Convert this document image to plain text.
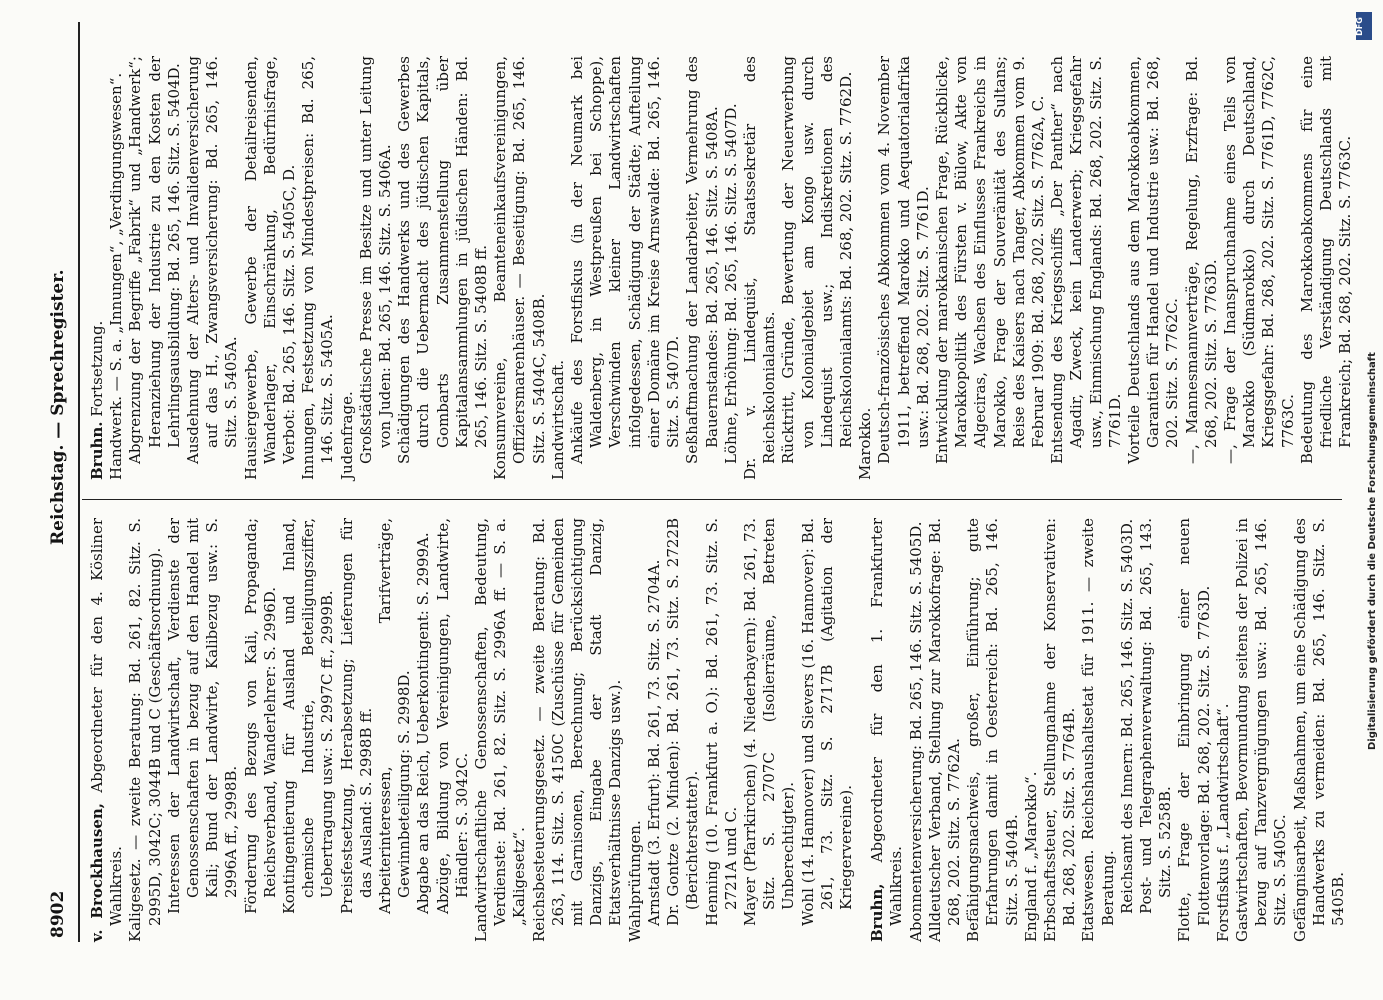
8902
Reichstag. — Sprechregister.

v. Brockhausen, Abgeordneter für den 4. Kösliner Wahlkreis. Kaligesetz. — zweite Beratung: Bd. 261, 82. Sitz. S. 2995D, 3042C; 3044B und C (Geschäftsordnung). Interessen der Landwirtschaft, Verdienste der Genossenschaften in bezug auf den Handel mit Kali; Bund der Landwirte, Kalibezug usw.: S. 2996A ff., 2998B. Förderung des Bezugs von Kali, Propaganda; Reichsverband, Wanderlehrer: S. 2996D. Kontingentierung für Ausland und Inland, chemische Industrie, Beteiligungsziffer, Uebertragung usw.: S. 2997C ff., 2999B. Preisfestsetzung, Herabsetzung; Lieferungen für das Ausland: S. 2998B ff. Arbeiterinteressen, Tarifverträge, Gewinnbeteiligung: S. 2998D. Abgabe an das Reich, Ueberkontingent: S. 2999A. Abzüge, Bildung von Vereinigungen, Landwirte, Händler: S. 3042C. Landwirtschaftliche Genossenschaften, Bedeutung, Verdienste: Bd. 261, 82. Sitz. S. 2996A ff. — S. a. „Kaligesetz“. Reichsbesteuerungsgesetz. — zweite Beratung: Bd. 263, 114. Sitz. S. 4150C (Zuschüsse für Gemeinden mit Garnisonen, Berechnung; Berücksichtigung Danzigs, Eingabe der Stadt Danzig, Etatsverhältnisse Danzigs usw.). Wahlprüfungen. Arnstadt (3. Erfurt): Bd. 261, 73. Sitz. S. 2704A. Dr. Gontze (2. Minden): Bd. 261, 73. Sitz. S. 2722B (Berichterstatter). Henning (10. Frankfurt a. O.): Bd. 261, 73. Sitz. S. 2721A und C. Mayer (Pfarrkirchen) (4. Niederbayern): Bd. 261, 73. Sitz. S. 2707C (Isolierräume, Betreten Unberechtigter). Wohl (14. Hannover) und Sievers (16. Hannover): Bd. 261, 73. Sitz. S. 2717B (Agitation der Kriegervereine).

Bruhn, Abgeordneter für den 1. Frankfurter Wahlkreis. Abonnentenversicherung: Bd. 265, 146. Sitz. S. 5405D. Alldeutscher Verband, Stellung zur Marokkofrage: Bd. 268, 202. Sitz. S. 7762A. Befähigungsnachweis, großer, Einführung; gute Erfahrungen damit in Oesterreich: Bd. 265, 146. Sitz. S. 5404B. England f. „Marokko“. Erbschaftssteuer, Stellungnahme der Konservativen: Bd. 268, 202. Sitz. S. 7764B. Etatswesen. Reichshaushaltsetat für 1911. — zweite Beratung. Reichsamt des Innern: Bd. 265, 146. Sitz. S. 5403D. Post- und Telegraphenverwaltung: Bd. 265, 143. Sitz. S. 5258B. Flotte, Frage der Einbringung einer neuen Flottenvorlage: Bd. 268, 202. Sitz. S. 7763D. Forstfiskus f. „Landwirtschaft“. Gastwirtschaften, Bevormundung seitens der Polizei in bezug auf Tanzvergnügungen usw.: Bd. 265, 146. Sitz. S. 5405C. Gefängnisarbeit, Maßnahmen, um eine Schädigung des Handwerks zu vermeiden: Bd. 265, 146. Sitz. S. 5405B.

Bruhn. Fortsetzung. Handwerk. — S. a. „Innungen“, „Verdingungswesen“. Abgrenzung der Begriffe „Fabrik“ und „Handwerk“; Heranziehung der Industrie zu den Kosten der Lehrlingsausbildung: Bd. 265, 146. Sitz. S. 5404D. Ausdehnung der Alters- und Invalidenversicherung auf das H., Zwangsversicherung: Bd. 265, 146. Sitz. S. 5405A. Hausiergewerbe, Gewerbe der Detailreisenden, Wanderlager, Einschränkung, Bedürfnisfrage, Verbot: Bd. 265, 146. Sitz. S. 5405C, D. Innungen, Festsetzung von Mindestpreisen: Bd. 265, 146. Sitz. S. 5405A. Judenfrage. Großstädtische Presse im Besitze und unter Leitung von Juden: Bd. 265, 146. Sitz. S. 5406A. Schädigungen des Handwerks und des Gewerbes durch die Uebermacht des jüdischen Kapitals, Gombarts Zusammenstellung über Kapitalansammlungen in jüdischen Händen: Bd. 265, 146. Sitz. S. 5408B ff. Konsumvereine, Beamteneinkaufsvereinigungen, Offiziersmarenhäuser. — Beseitigung: Bd. 265, 146. Sitz. S. 5404C, 5408B. Landwirtschaft. Ankäufe des Forstfiskus (in der Neumark bei Waldenberg, in Westpreußen bei Schoppe), Verschwinden kleiner Landwirtschaften infolgedessen, Schädigung der Städte; Aufteilung einer Domäne im Kreise Arnswalde: Bd. 265, 146. Sitz. S. 5407D. Seßhaftmachung der Landarbeiter, Vermehrung des Bauernstandes: Bd. 265, 146. Sitz. S. 5408A. Löhne, Erhöhung: Bd. 265, 146. Sitz. S. 5407D. Dr. v. Lindequist, Staatssekretär des Reichskolonialamts. Rücktritt, Gründe, Bewertung der Neuerwerbung von Kolonialgebiet am Kongo usw. durch Lindequist usw.; Indiskretionen des Reichskolonialamts: Bd. 268, 202. Sitz. S. 7762D. Marokko. Deutsch-französisches Abkommen vom 4. November 1911, betreffend Marokko und Aequatorialafrika usw.: Bd. 268, 202. Sitz. S. 7761D. Entwicklung der marokkanischen Frage, Rückblicke, Marokkopolitik des Fürsten v. Bülow, Akte von Algeciras, Wachsen des Einflusses Frankreichs in Marokko, Frage der Souveränität des Sultans; Reise des Kaisers nach Tanger, Abkommen vom 9. Februar 1909: Bd. 268, 202. Sitz. S. 7762A, C. Entsendung des Kriegsschiffs „Der Panther“ nach Agadir, Zweck, kein Landerwerb; Kriegsgefahr usw., Einmischung Englands: Bd. 268, 202. Sitz. S. 7761D. Vorteile Deutschlands aus dem Marokkoabkommen, Garantien für Handel und Industrie usw.: Bd. 268, 202. Sitz. S. 7762C. —, Mannesmannverträge, Regelung, Erzfrage: Bd. 268, 202. Sitz. S. 7763D. —, Frage der Inanspruchnahme eines Teils von Marokko (Südmarokko) durch Deutschland, Kriegsgefahr: Bd. 268, 202. Sitz. S. 7761D, 7762C, 7763C. Bedeutung des Marokkoabkommens für eine friedliche Verständigung Deutschlands mit Frankreich; Bd. 268, 202. Sitz. S. 7763C.

DFG
Digitalisierung gefördert durch die Deutsche Forschungsgemeinschaft
